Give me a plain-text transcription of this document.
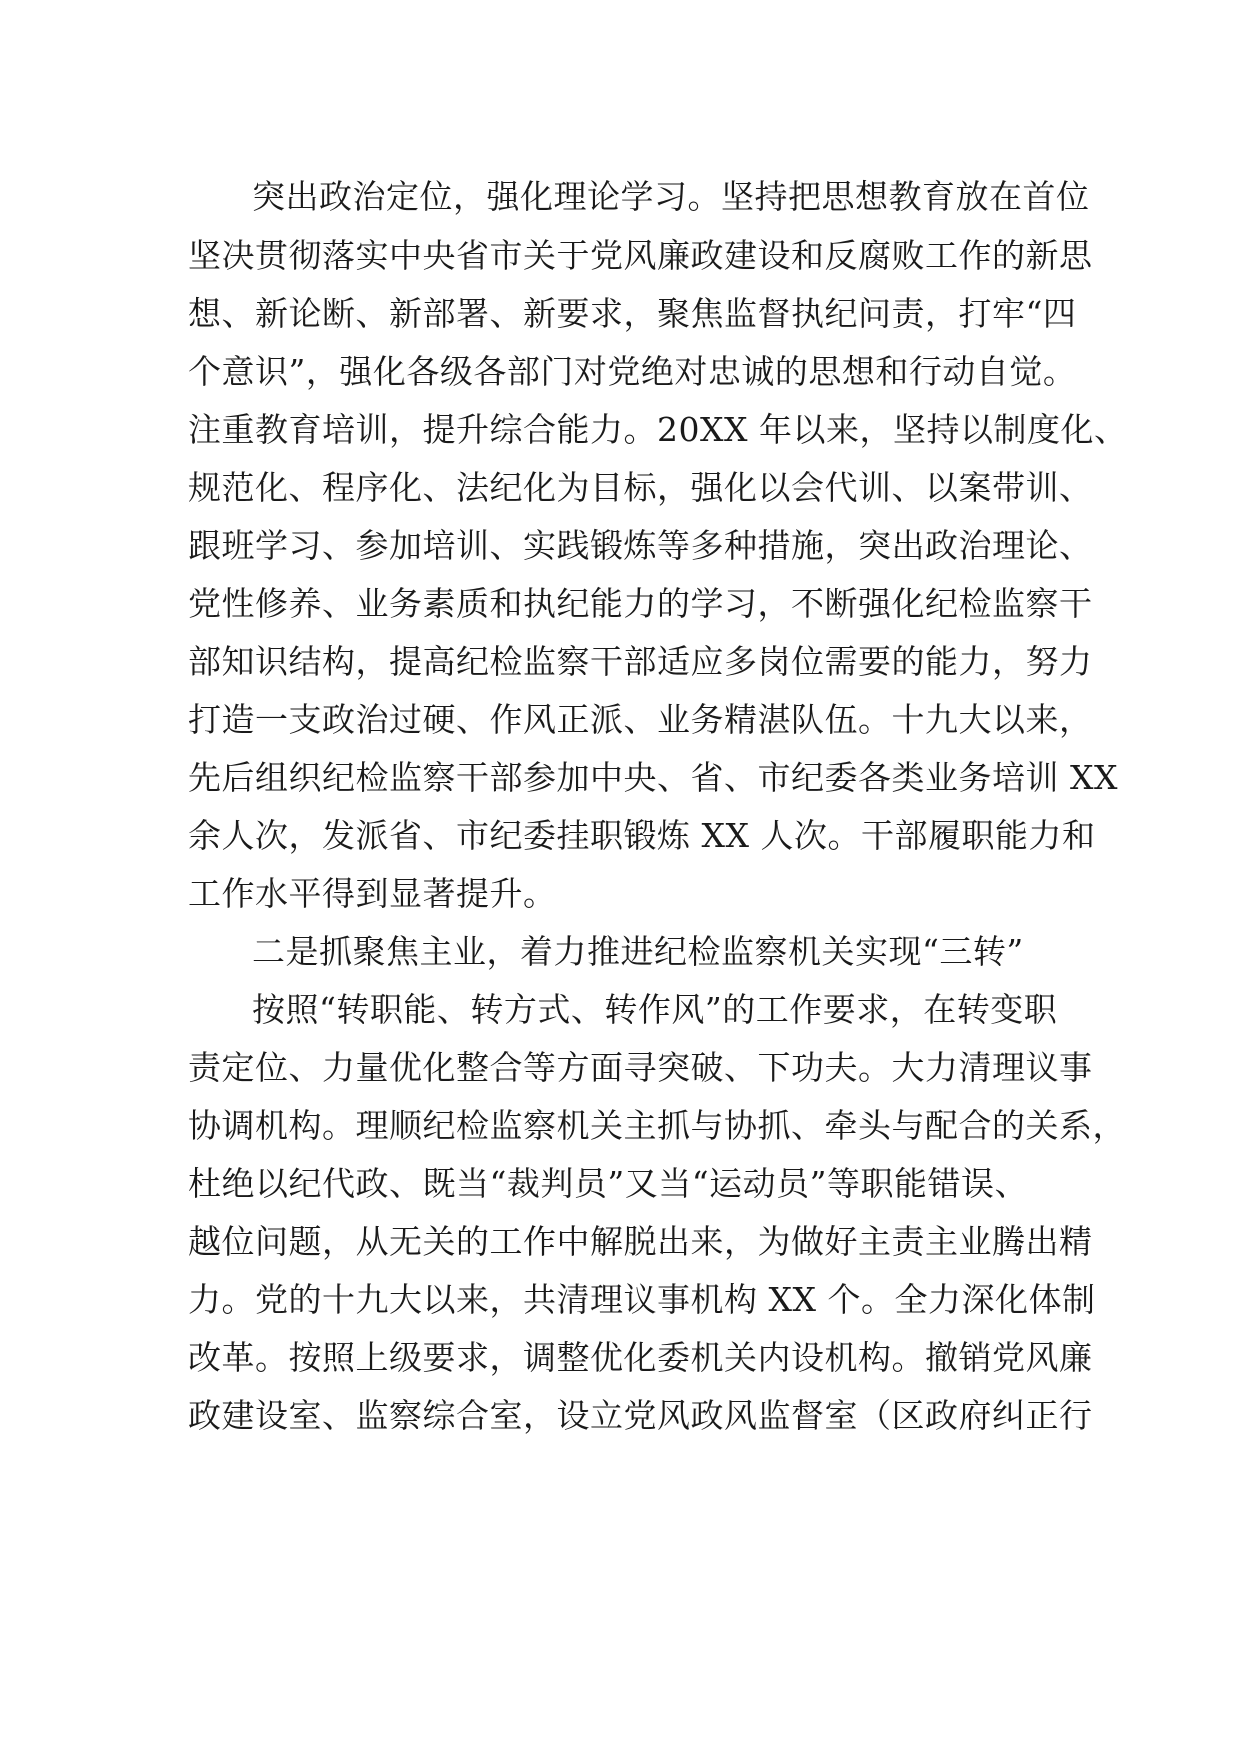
突出政治定位，强化理论学习。坚持把思想教育放在首位
坚决贯彻落实中央省市关于党风廉政建设和反腐败工作的新思
想、新论断、新部署、新要求，聚焦监督执纪问责，打牢“四
个意识”，强化各级各部门对党绝对忠诚的思想和行动自觉。
注重教育培训，提升综合能力。20XX 年以来，坚持以制度化、
规范化、程序化、法纪化为目标，强化以会代训、以案带训、
跟班学习、参加培训、实践锻炼等多种措施，突出政治理论、
党性修养、业务素质和执纪能力的学习，不断强化纪检监察干
部知识结构，提高纪检监察干部适应多岗位需要的能力，努力
打造一支政治过硬、作风正派、业务精湛队伍。十九大以来，
先后组织纪检监察干部参加中央、省、市纪委各类业务培训 XX
余人次，发派省、市纪委挂职锻炼 XX 人次。干部履职能力和
工作水平得到显著提升。
二是抓聚焦主业，着力推进纪检监察机关实现“三转”
按照“转职能、转方式、转作风”的工作要求，在转变职
责定位、力量优化整合等方面寻突破、下功夫。大力清理议事
协调机构。理顺纪检监察机关主抓与协抓、牵头与配合的关系，
杜绝以纪代政、既当“裁判员”又当“运动员”等职能错误、
越位问题，从无关的工作中解脱出来，为做好主责主业腾出精
力。党的十九大以来，共清理议事机构 XX 个。全力深化体制
改革。按照上级要求，调整优化委机关内设机构。撤销党风廉
政建设室、监察综合室，设立党风政风监督室（区政府纠正行
